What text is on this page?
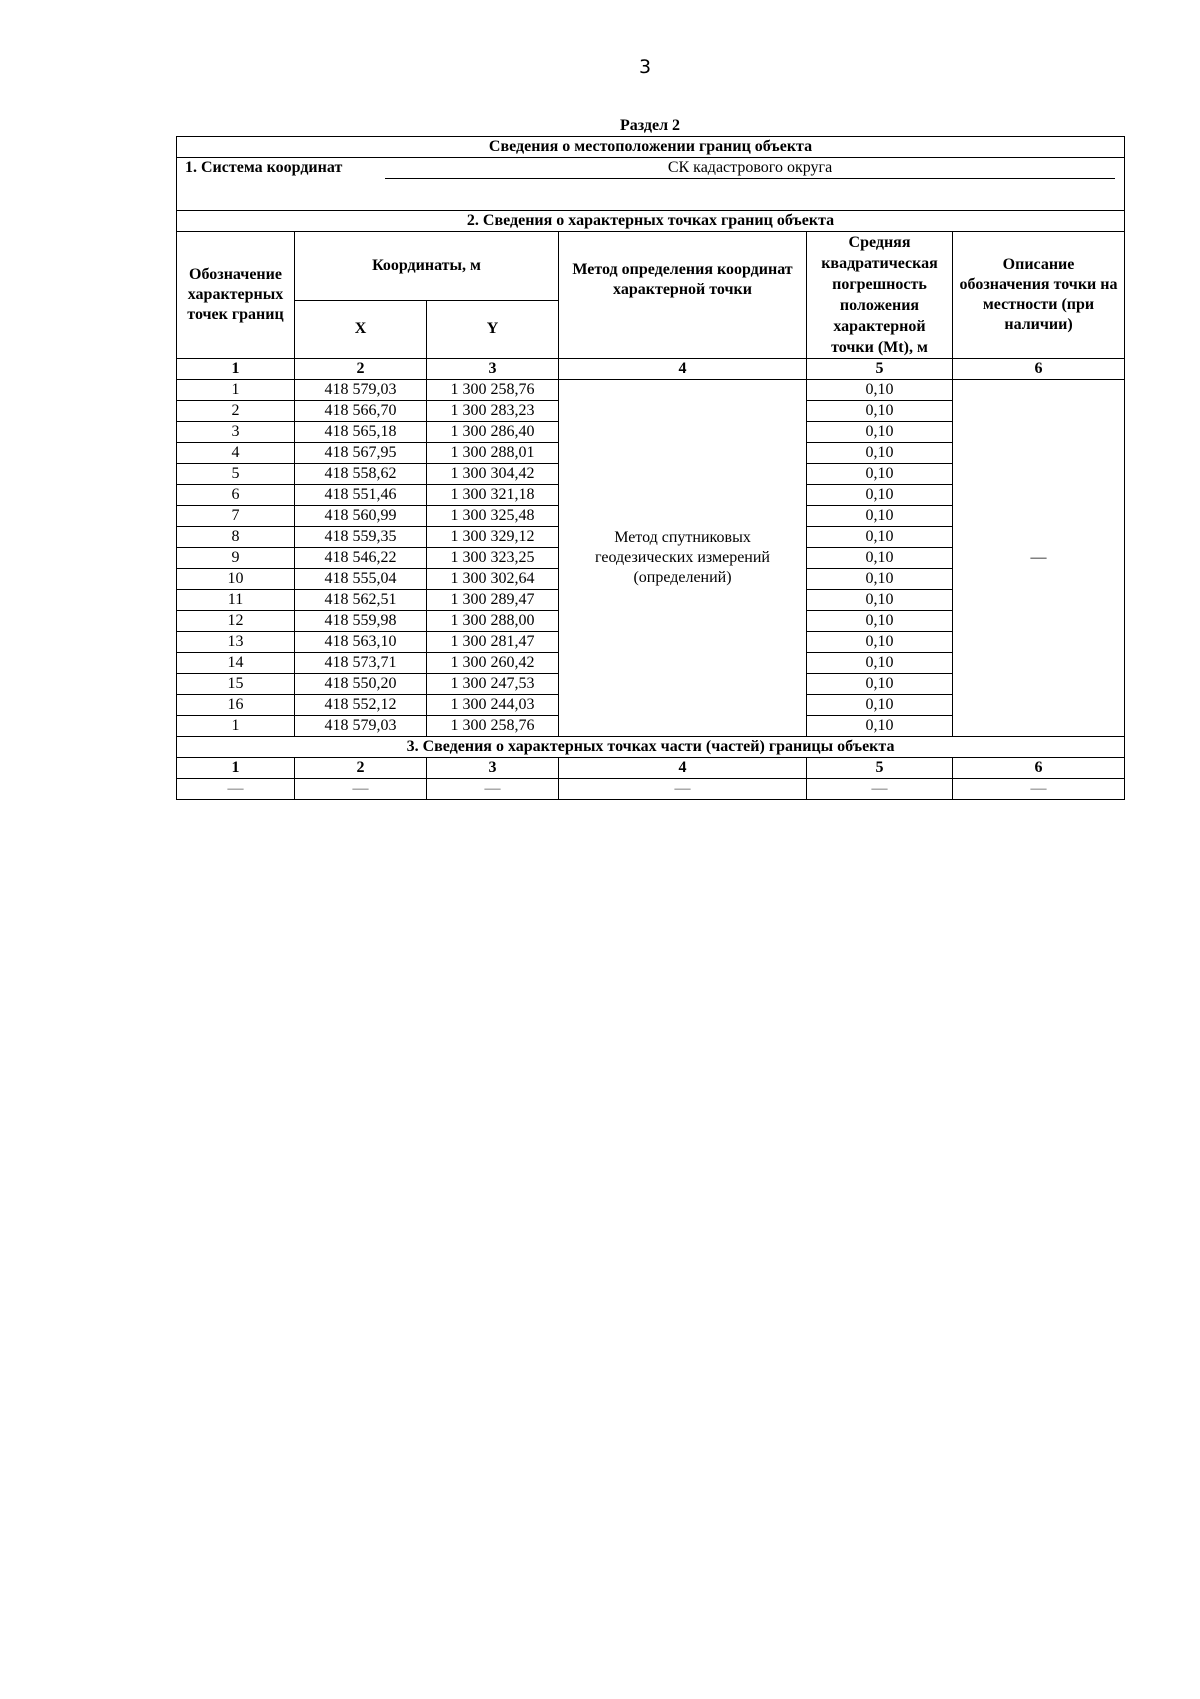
3
Раздел 2
Сведения о местоположении границ объекта					

1. Система координат СК кадастрового округа					

2. Сведения о характерных точках границ объекта					
Обозначение характерных точек границ	Координаты, м		Метод определения координат характерной точки	Средняя квадратическая погрешность положения характерной точки (Mt), м	Описание обозначения точки на местности (при наличии)
	X	Y			
1	2	3	4	5	6
1	418 579,03	1 300 258,76	Метод спутниковых геодезических измерений (определений)	0,10	—
2	418 566,70	1 300 283,23		0,10	
3	418 565,18	1 300 286,40		0,10	
4	418 567,95	1 300 288,01		0,10	
5	418 558,62	1 300 304,42		0,10	
6	418 551,46	1 300 321,18		0,10	
7	418 560,99	1 300 325,48		0,10	
8	418 559,35	1 300 329,12		0,10	
9	418 546,22	1 300 323,25		0,10	
10	418 555,04	1 300 302,64		0,10	
11	418 562,51	1 300 289,47		0,10	
12	418 559,98	1 300 288,00		0,10	
13	418 563,10	1 300 281,47		0,10	
14	418 573,71	1 300 260,42		0,10	
15	418 550,20	1 300 247,53		0,10	
16	418 552,12	1 300 244,03		0,10	
1	418 579,03	1 300 258,76		0,10	
3. Сведения о характерных точках части (частей) границы объекта					
1	2	3	4	5	6
—	—	—	—	—	—
